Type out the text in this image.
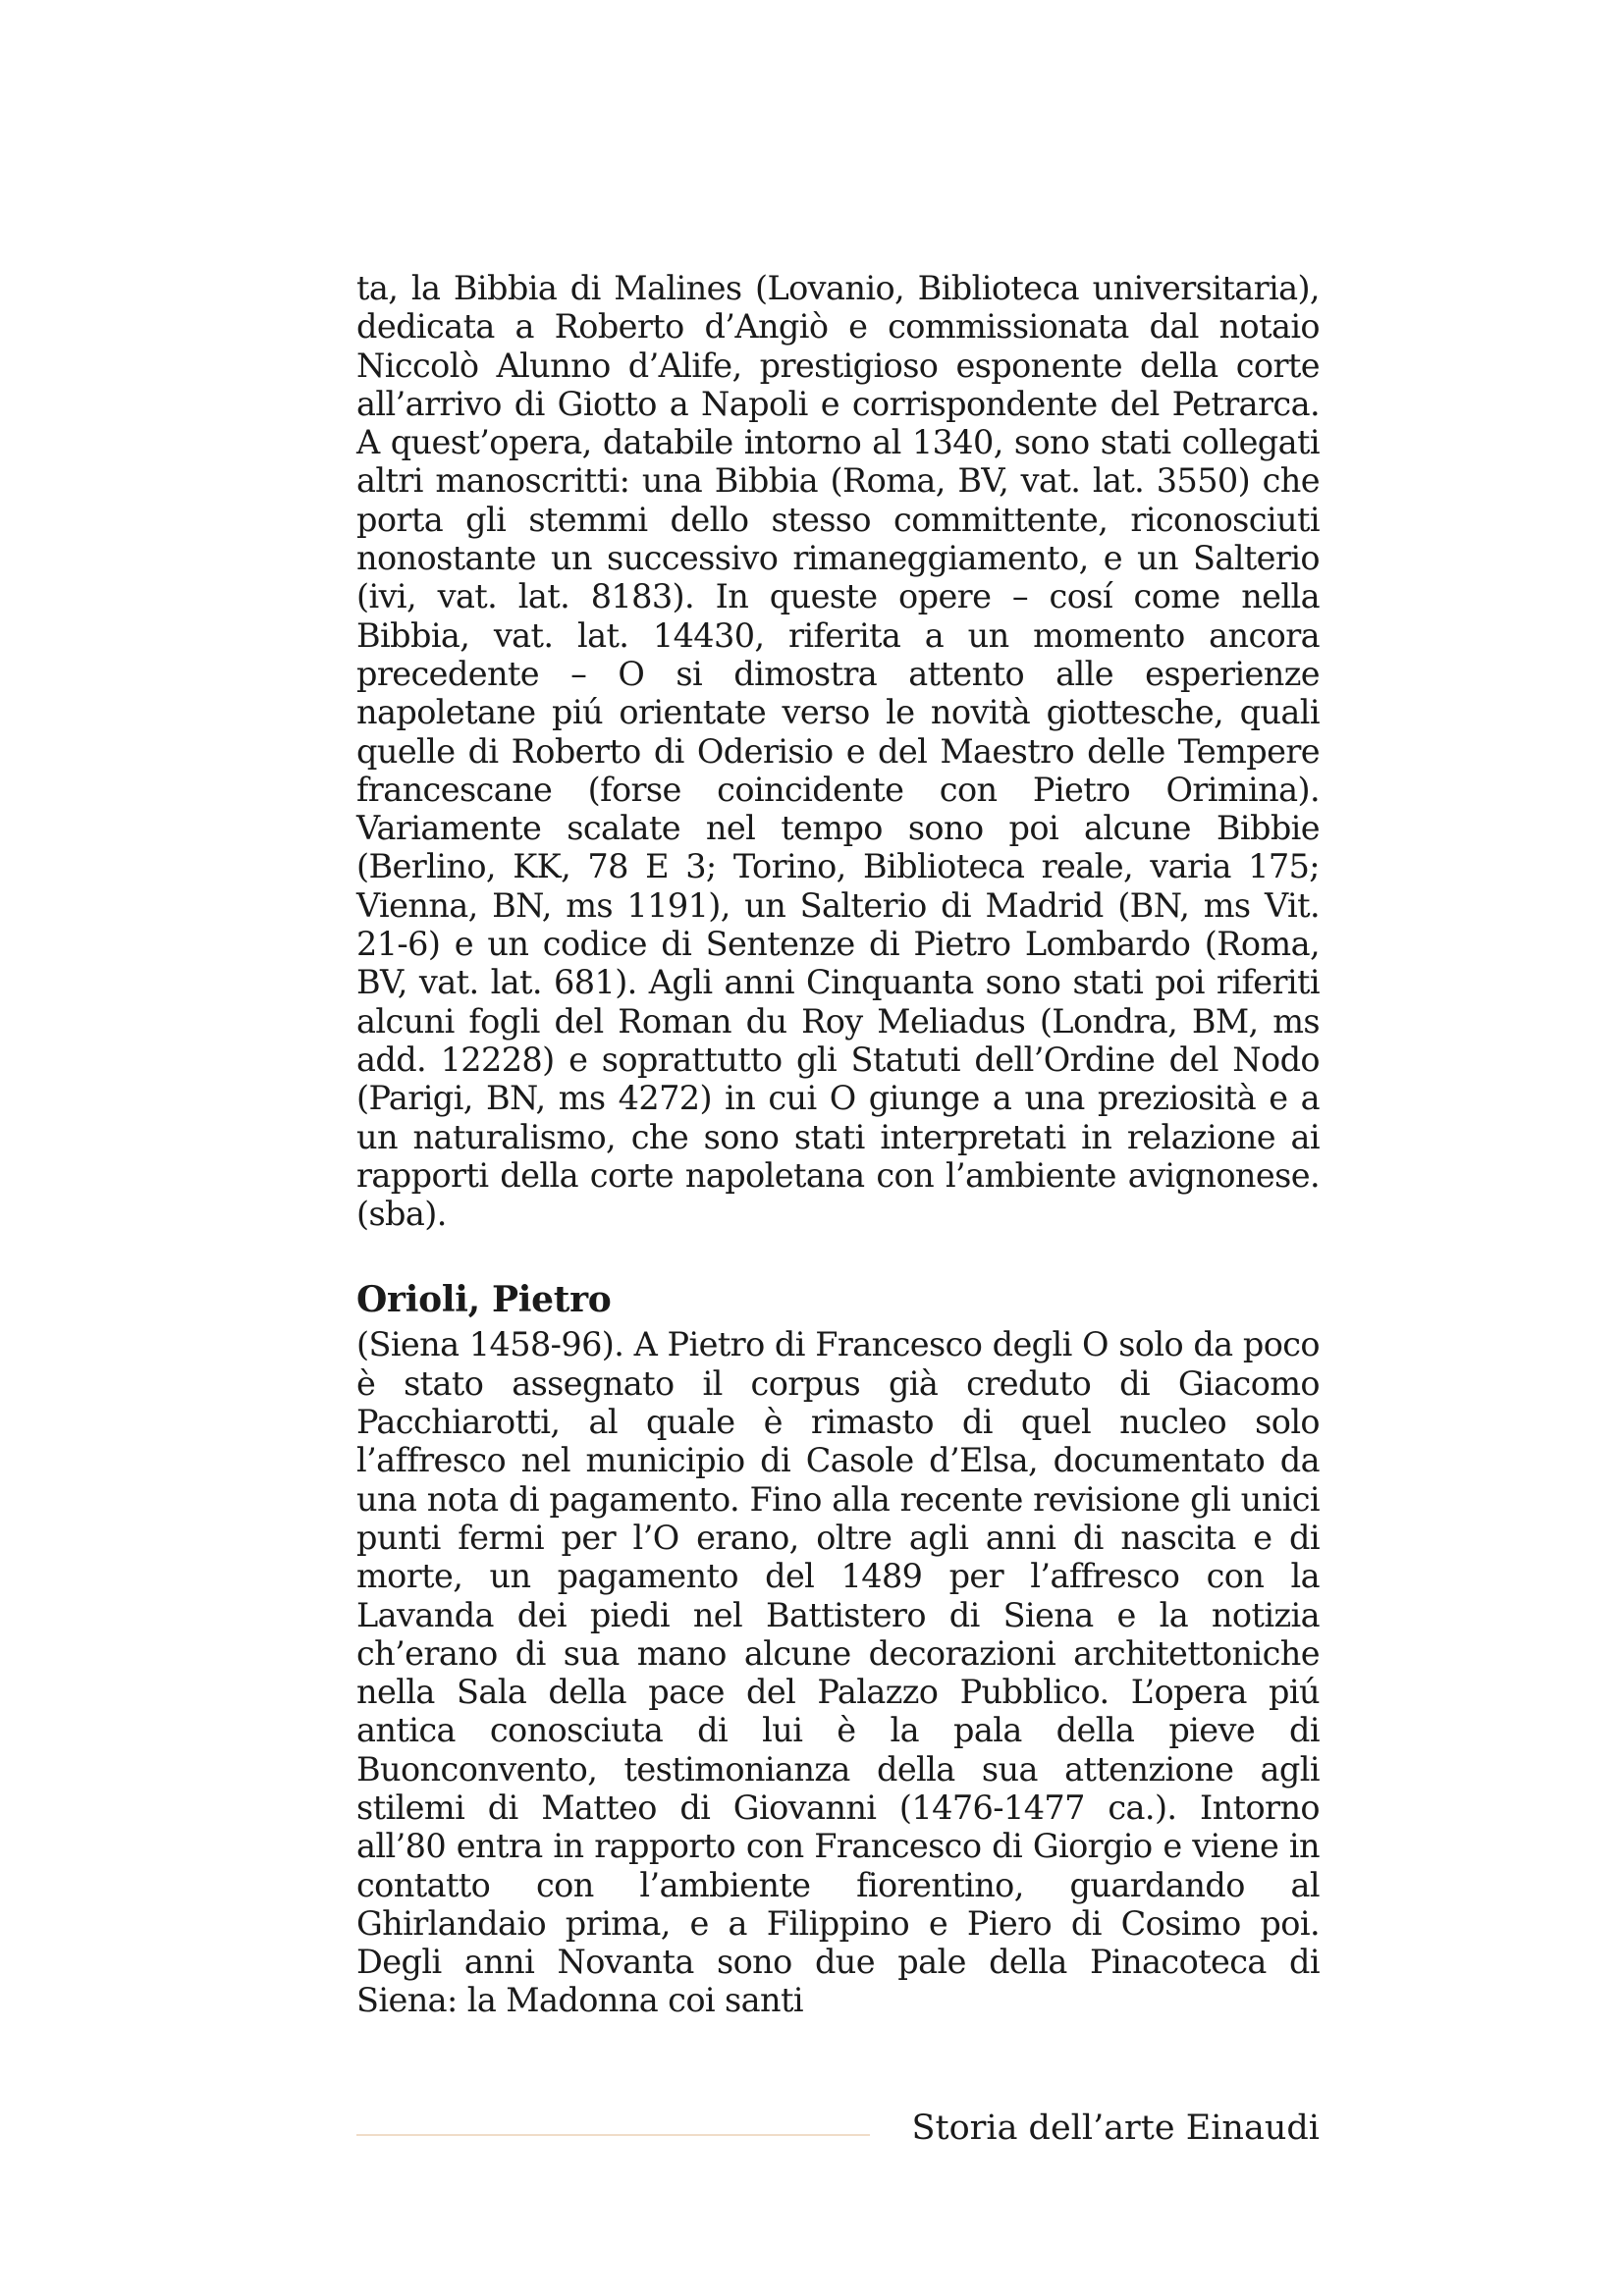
ta, la Bibbia di Malines (Lovanio, Biblioteca universitaria), dedicata a Roberto d’Angiò e commissionata dal notaio Niccolò Alunno d’Alife, prestigioso esponente della corte all’arrivo di Giotto a Napoli e corrispondente del Petrarca. A quest’opera, databile intorno al 1340, sono stati collegati altri manoscritti: una Bibbia (Roma, BV, vat. lat. 3550) che porta gli stemmi dello stesso committente, riconosciuti nonostante un successivo rimaneggiamento, e un Salterio (ivi, vat. lat. 8183). In queste opere – cosí come nella Bibbia, vat. lat. 14430, riferita a un momento ancora precedente – O si dimostra attento alle esperienze napoletane piú orientate verso le novità giottesche, quali quelle di Roberto di Oderisio e del Maestro delle Tempere francescane (forse coincidente con Pietro Orimina). Variamente scalate nel tempo sono poi alcune Bibbie (Berlino, KK, 78 E 3; Torino, Biblioteca reale, varia 175; Vienna, BN, ms 1191), un Salterio di Madrid (BN, ms Vit. 21-6) e un codice di Sentenze di Pietro Lombardo (Roma, BV, vat. lat. 681). Agli anni Cinquanta sono stati poi riferiti alcuni fogli del Roman du Roy Meliadus (Londra, BM, ms add. 12228) e soprattutto gli Statuti dell’Ordine del Nodo (Parigi, BN, ms 4272) in cui O giunge a una preziosità e a un naturalismo, che sono stati interpretati in relazione ai rapporti della corte napoletana con l’ambiente avignonese. (sba).

Orioli, Pietro

(Siena 1458-96). A Pietro di Francesco degli O solo da poco è stato assegnato il corpus già creduto di Giacomo Pacchiarotti, al quale è rimasto di quel nucleo solo l’affresco nel municipio di Casole d’Elsa, documentato da una nota di pagamento. Fino alla recente revisione gli unici punti fermi per l’O erano, oltre agli anni di nascita e di morte, un pagamento del 1489 per l’affresco con la Lavanda dei piedi nel Battistero di Siena e la notizia ch’erano di sua mano alcune decorazioni architettoniche nella Sala della pace del Palazzo Pubblico. L’opera piú antica conosciuta di lui è la pala della pieve di Buonconvento, testimonianza della sua attenzione agli stilemi di Matteo di Giovanni (1476-1477 ca.). Intorno all’80 entra in rapporto con Francesco di Giorgio e viene in contatto con l’ambiente fiorentino, guardando al Ghirlandaio prima, e a Filippino e Piero di Cosimo poi. Degli anni Novanta sono due pale della Pinacoteca di Siena: la Madonna coi santi

Storia dell’arte Einaudi
